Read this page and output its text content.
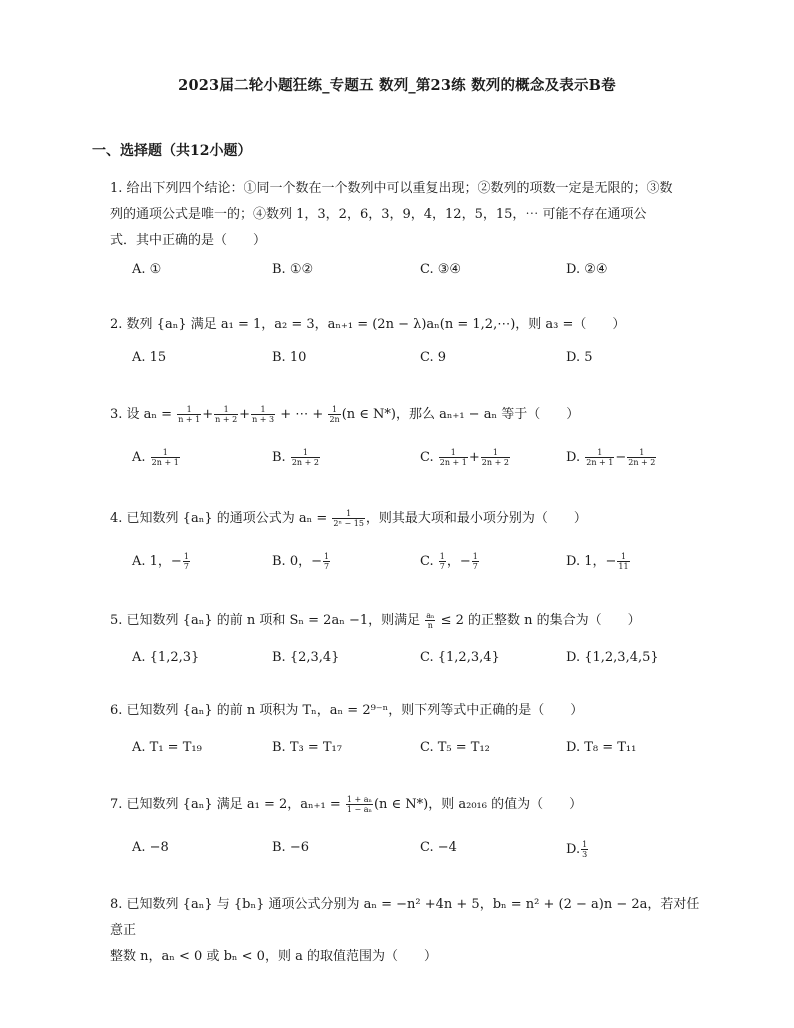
2023届二轮小题狂练_专题五 数列_第23练 数列的概念及表示B卷
一、选择题（共12小题）
1. 给出下列四个结论：①同一个数在一个数列中可以重复出现；②数列的项数一定是无限的；③数
列的通项公式是唯一的；④数列 1，3，2，6，3，9，4，12，5，15，⋯ 可能不存在通项公
式．其中正确的是（　　）
A. ①	B. ①②	C. ③④	D. ②④
2. 数列 {aₙ} 满足 a₁ = 1，a₂ = 3，aₙ₊₁ = (2n − λ)aₙ(n = 1,2,⋯)，则 a₃ =（　　）
A. 15	B. 10	C. 9	D. 5
3. 设 $a_n = \frac{1}{n + 1} + \frac{1}{n + 2} + \frac{1}{n + 3}$ + ⋯ + $\frac{1}{2n} (n$ ∈ N*)，那么 aₙ₊₁ − aₙ 等于（　　）
A. $\frac{1}{2n + 1}$	B. $\frac{1}{2n + 2}$	C. $\frac{1}{2n + 1} + \frac{1}{2n + 2}$	D. $\frac{1}{2n + 1} - \frac{1}{2n + 2}$
4. 已知数列 {aₙ} 的通项公式为 $a_n = \frac{1}{\text{2ⁿ − 15}}$ ，则其最大项和最小项分别为（　　）
A. 1，− $\frac{1}{7}$	B. 0，− $\frac{1}{7}$	C. $\frac{1}{7}$ ，− $\frac{1}{7}$	D. 1，− $\frac{1}{11}$
5. 已知数列 {aₙ} 的前 n 项和 Sₙ = 2aₙ −1，则满足 $\frac{\text{aₙ}}{n} \le 2$ 的正整数 n 的集合为（　　）
A. {1,2,3}	B. {2,3,4}	C. {1,2,3,4}	D. {1,2,3,4,5}
6. 已知数列 {aₙ} 的前 n 项积为 Tₙ，aₙ = 2⁹⁻ⁿ，则下列等式中正确的是（　　）
A. T₁ = T₁₉	B. T₃ = T₁₇	C. T₅ = T₁₂	D. T₈ = T₁₁
7. 已知数列 {aₙ} 满足 a₁ = 2，$a_{n+1} = \frac{\text{1 + aₙ}}{\text{1 − aₙ}} (n$ ∈ N*)，则 a₂₀₁₆ 的值为（　　）
A. −8	B. −6	C. −4	D. $\frac{1}{3}$
8. 已知数列 {aₙ} 与 {bₙ} 通项公式分别为 aₙ = −n² +4n + 5，bₙ = n² + (2 − a)n − 2a，若对任意正
整数 n，aₙ < 0 或 bₙ < 0，则 a 的取值范围为（　　）
